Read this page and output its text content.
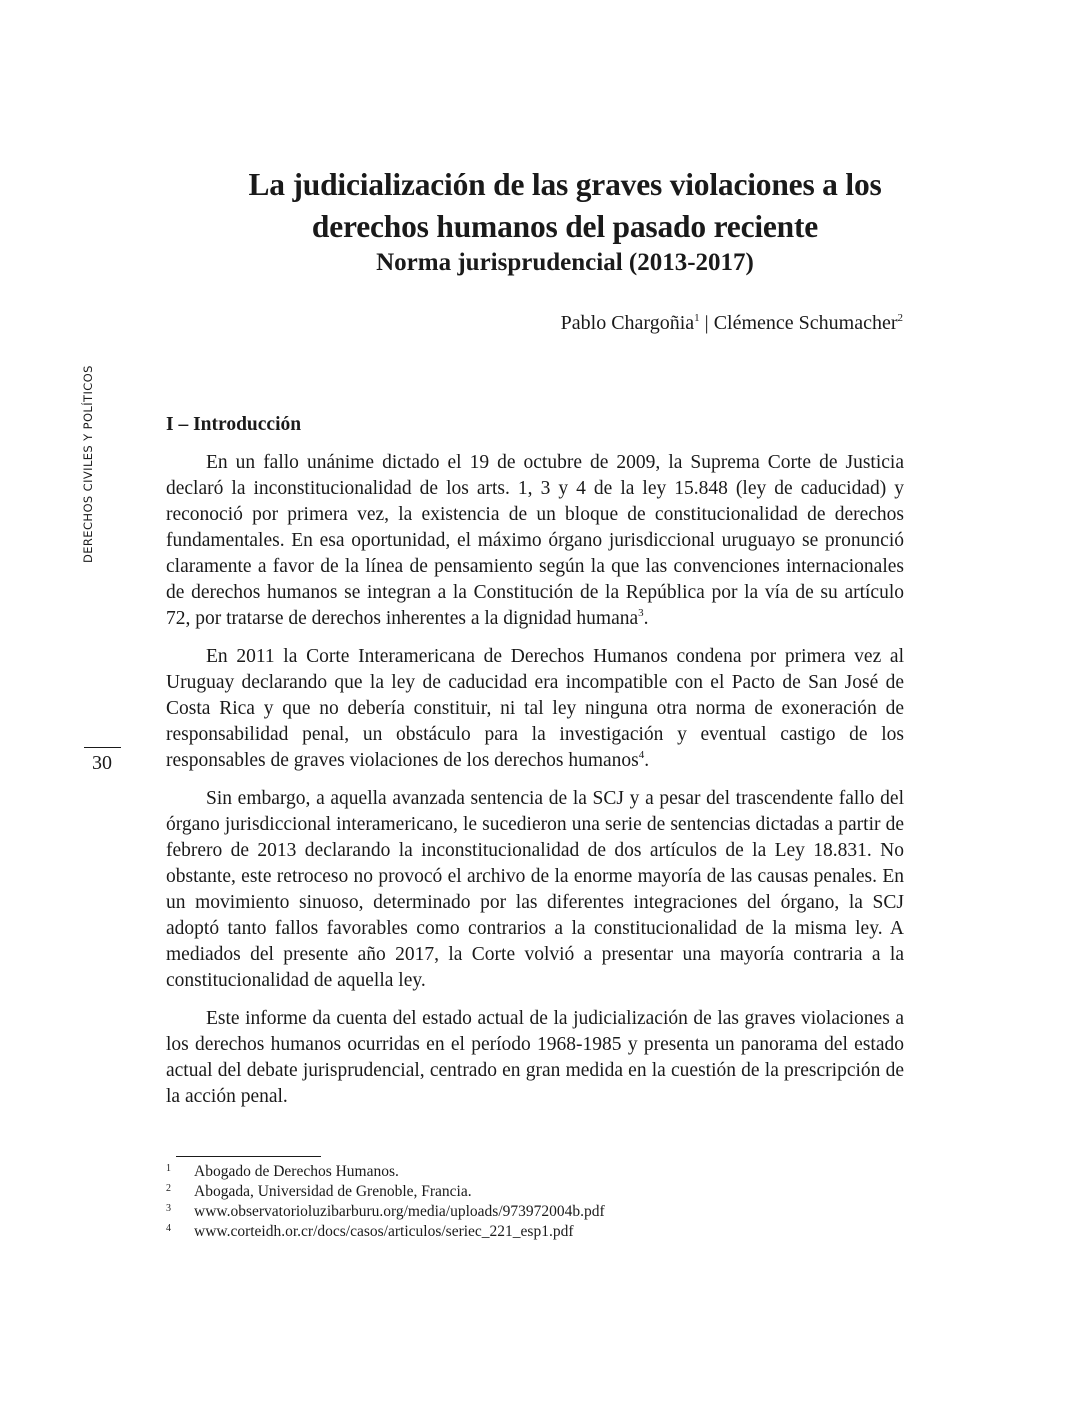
La judicialización de las graves violaciones a los

derechos humanos del pasado reciente

Norma jurisprudencial (2013-2017)

Pablo Chargoñia$^1$ | Clémence Schumacher$^2$
DERECHOS CIVILES Y POLÍTICOS
30
I – Introducción

En un fallo unánime dictado el 19 de octubre de 2009, la Suprema Corte de Justicia declaró la inconstitucionalidad de los arts. 1, 3 y 4 de la ley 15.848 (ley de caducidad) y reconoció por primera vez, la existencia de un bloque de constitucionalidad de derechos fundamentales. En esa oportunidad, el máximo órgano jurisdiccional uruguayo se pronunció claramente a favor de la línea de pensamiento según la que las convenciones internacionales de derechos humanos se integran a la Constitución de la República por la vía de su artículo 72, por tratarse de derechos inherentes a la dignidad humana$^3$.

En 2011 la Corte Interamericana de Derechos Humanos condena por primera vez al Uruguay declarando que la ley de caducidad era incompatible con el Pacto de San José de Costa Rica y que no debería constituir, ni tal ley ninguna otra norma de exoneración de responsabilidad penal, un obstáculo para la investigación y eventual castigo de los responsables de graves violaciones de los derechos humanos$^4$.

Sin embargo, a aquella avanzada sentencia de la SCJ y a pesar del trascendente fallo del órgano jurisdiccional interamericano, le sucedieron una serie de sentencias dictadas a partir de febrero de 2013 declarando la inconstitucionalidad de dos artículos de la Ley 18.831. No obstante, este retroceso no provocó el archivo de la enorme mayoría de las causas penales. En un movimiento sinuoso, determinado por las diferentes integraciones del órgano, la SCJ adoptó tanto fallos favorables como contrarios a la constitucionalidad de la misma ley. A mediados del presente año 2017, la Corte volvió a presentar una mayoría contraria a la constitucionalidad de aquella ley.

Este informe da cuenta del estado actual de la judicialización de las graves violaciones a los derechos humanos ocurridas en el período 1968-1985 y presenta un panorama del estado actual del debate jurisprudencial, centrado en gran medida en la cuestión de la prescripción de la acción penal.

1 Abogado de Derechos Humanos.
2 Abogada, Universidad de Grenoble, Francia.
3 www.observatorioluzibarburu.org/media/uploads/973972004b.pdf
4 www.corteidh.or.cr/docs/casos/articulos/seriec_221_esp1.pdf
